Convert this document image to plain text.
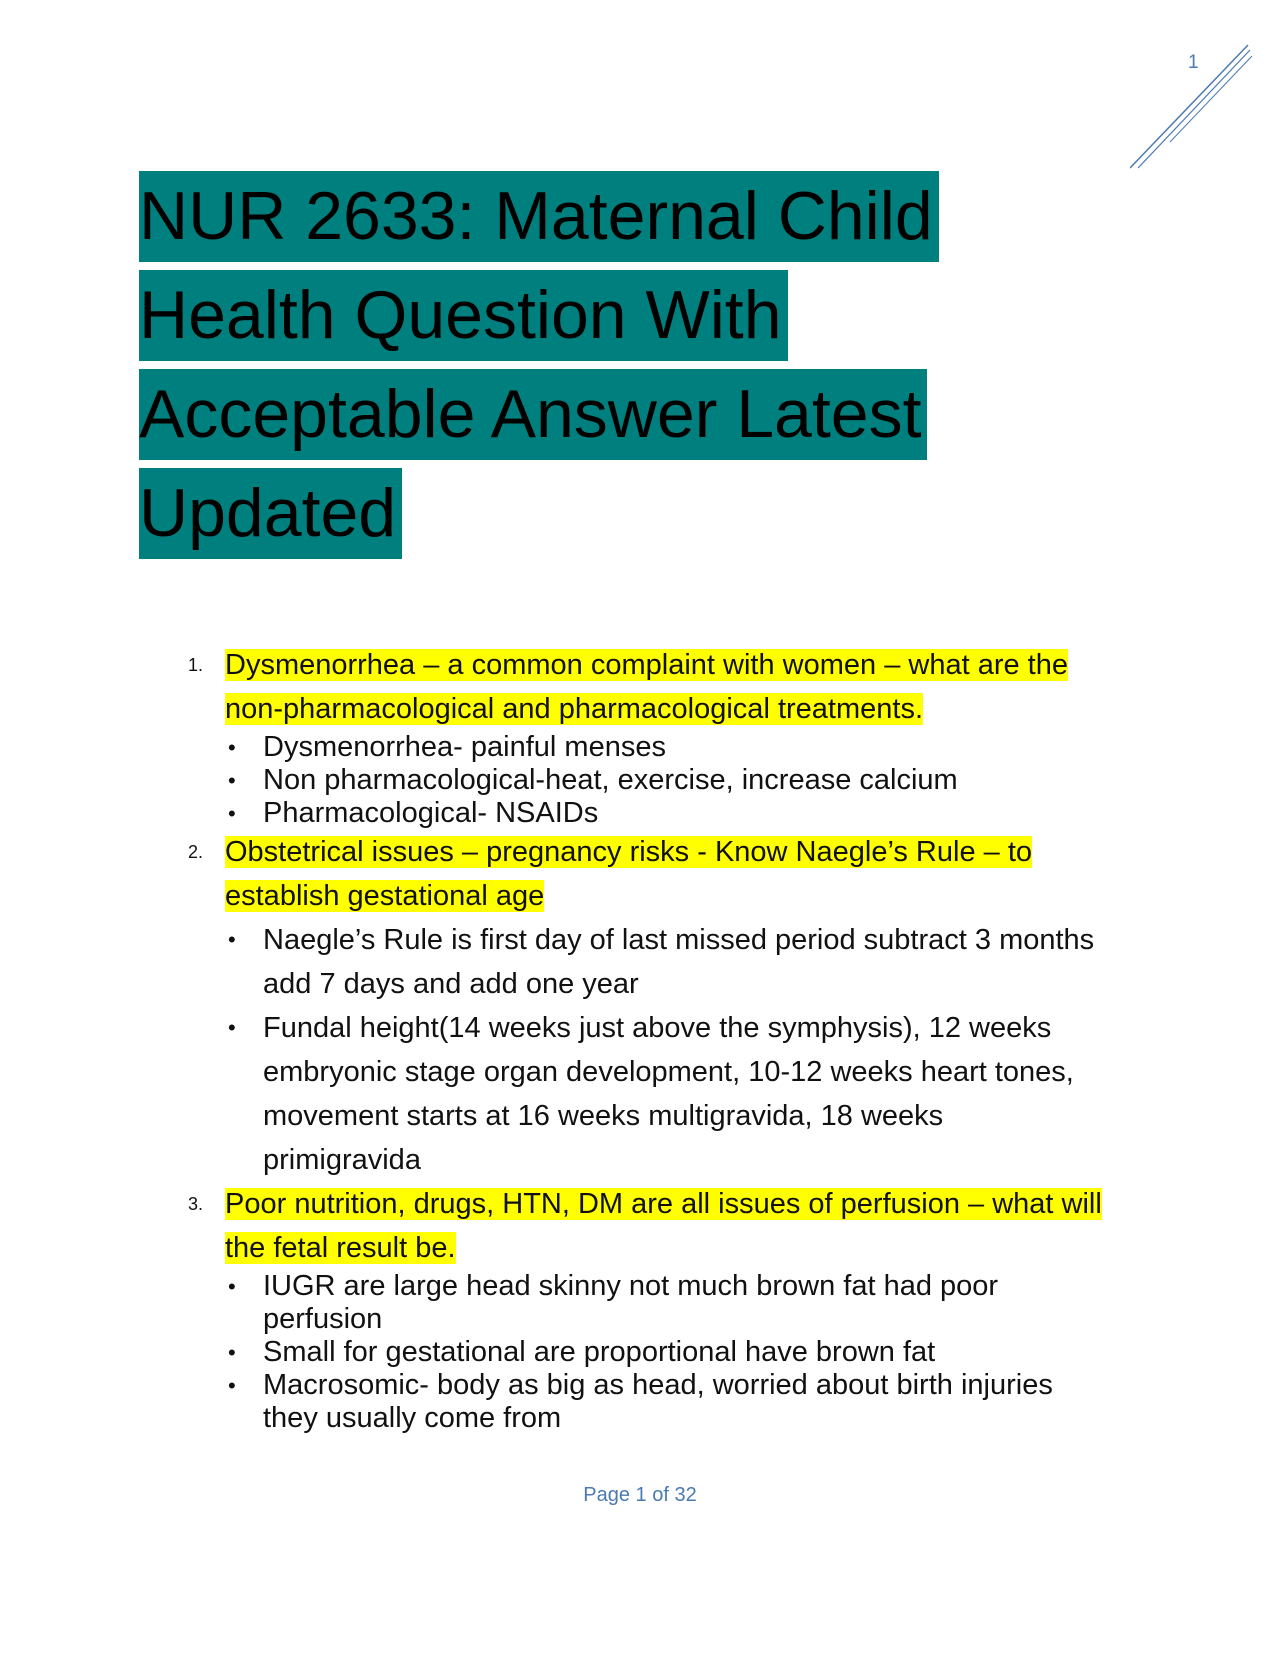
1
NUR 2633: Maternal Child
Health Question With
Acceptable Answer Latest
Updated
1. Dysmenorrhea – a common complaint with women – what are the non-pharmacological and pharmacological treatments.
• Dysmenorrhea- painful menses
• Non pharmacological-heat, exercise, increase calcium
• Pharmacological- NSAIDs
2. Obstetrical issues – pregnancy risks - Know Naegle’s Rule – to establish gestational age
• Naegle’s Rule is first day of last missed period subtract 3 months add 7 days and add one year
• Fundal height(14 weeks just above the symphysis), 12 weeks embryonic stage organ development, 10-12 weeks heart tones, movement starts at 16 weeks multigravida, 18 weeks primigravida
3. Poor nutrition, drugs, HTN, DM are all issues of perfusion – what will the fetal result be.
• IUGR are large head skinny not much brown fat had poor perfusion
• Small for gestational are proportional have brown fat
• Macrosomic- body as big as head, worried about birth injuries they usually come from
Page 1 of 32
